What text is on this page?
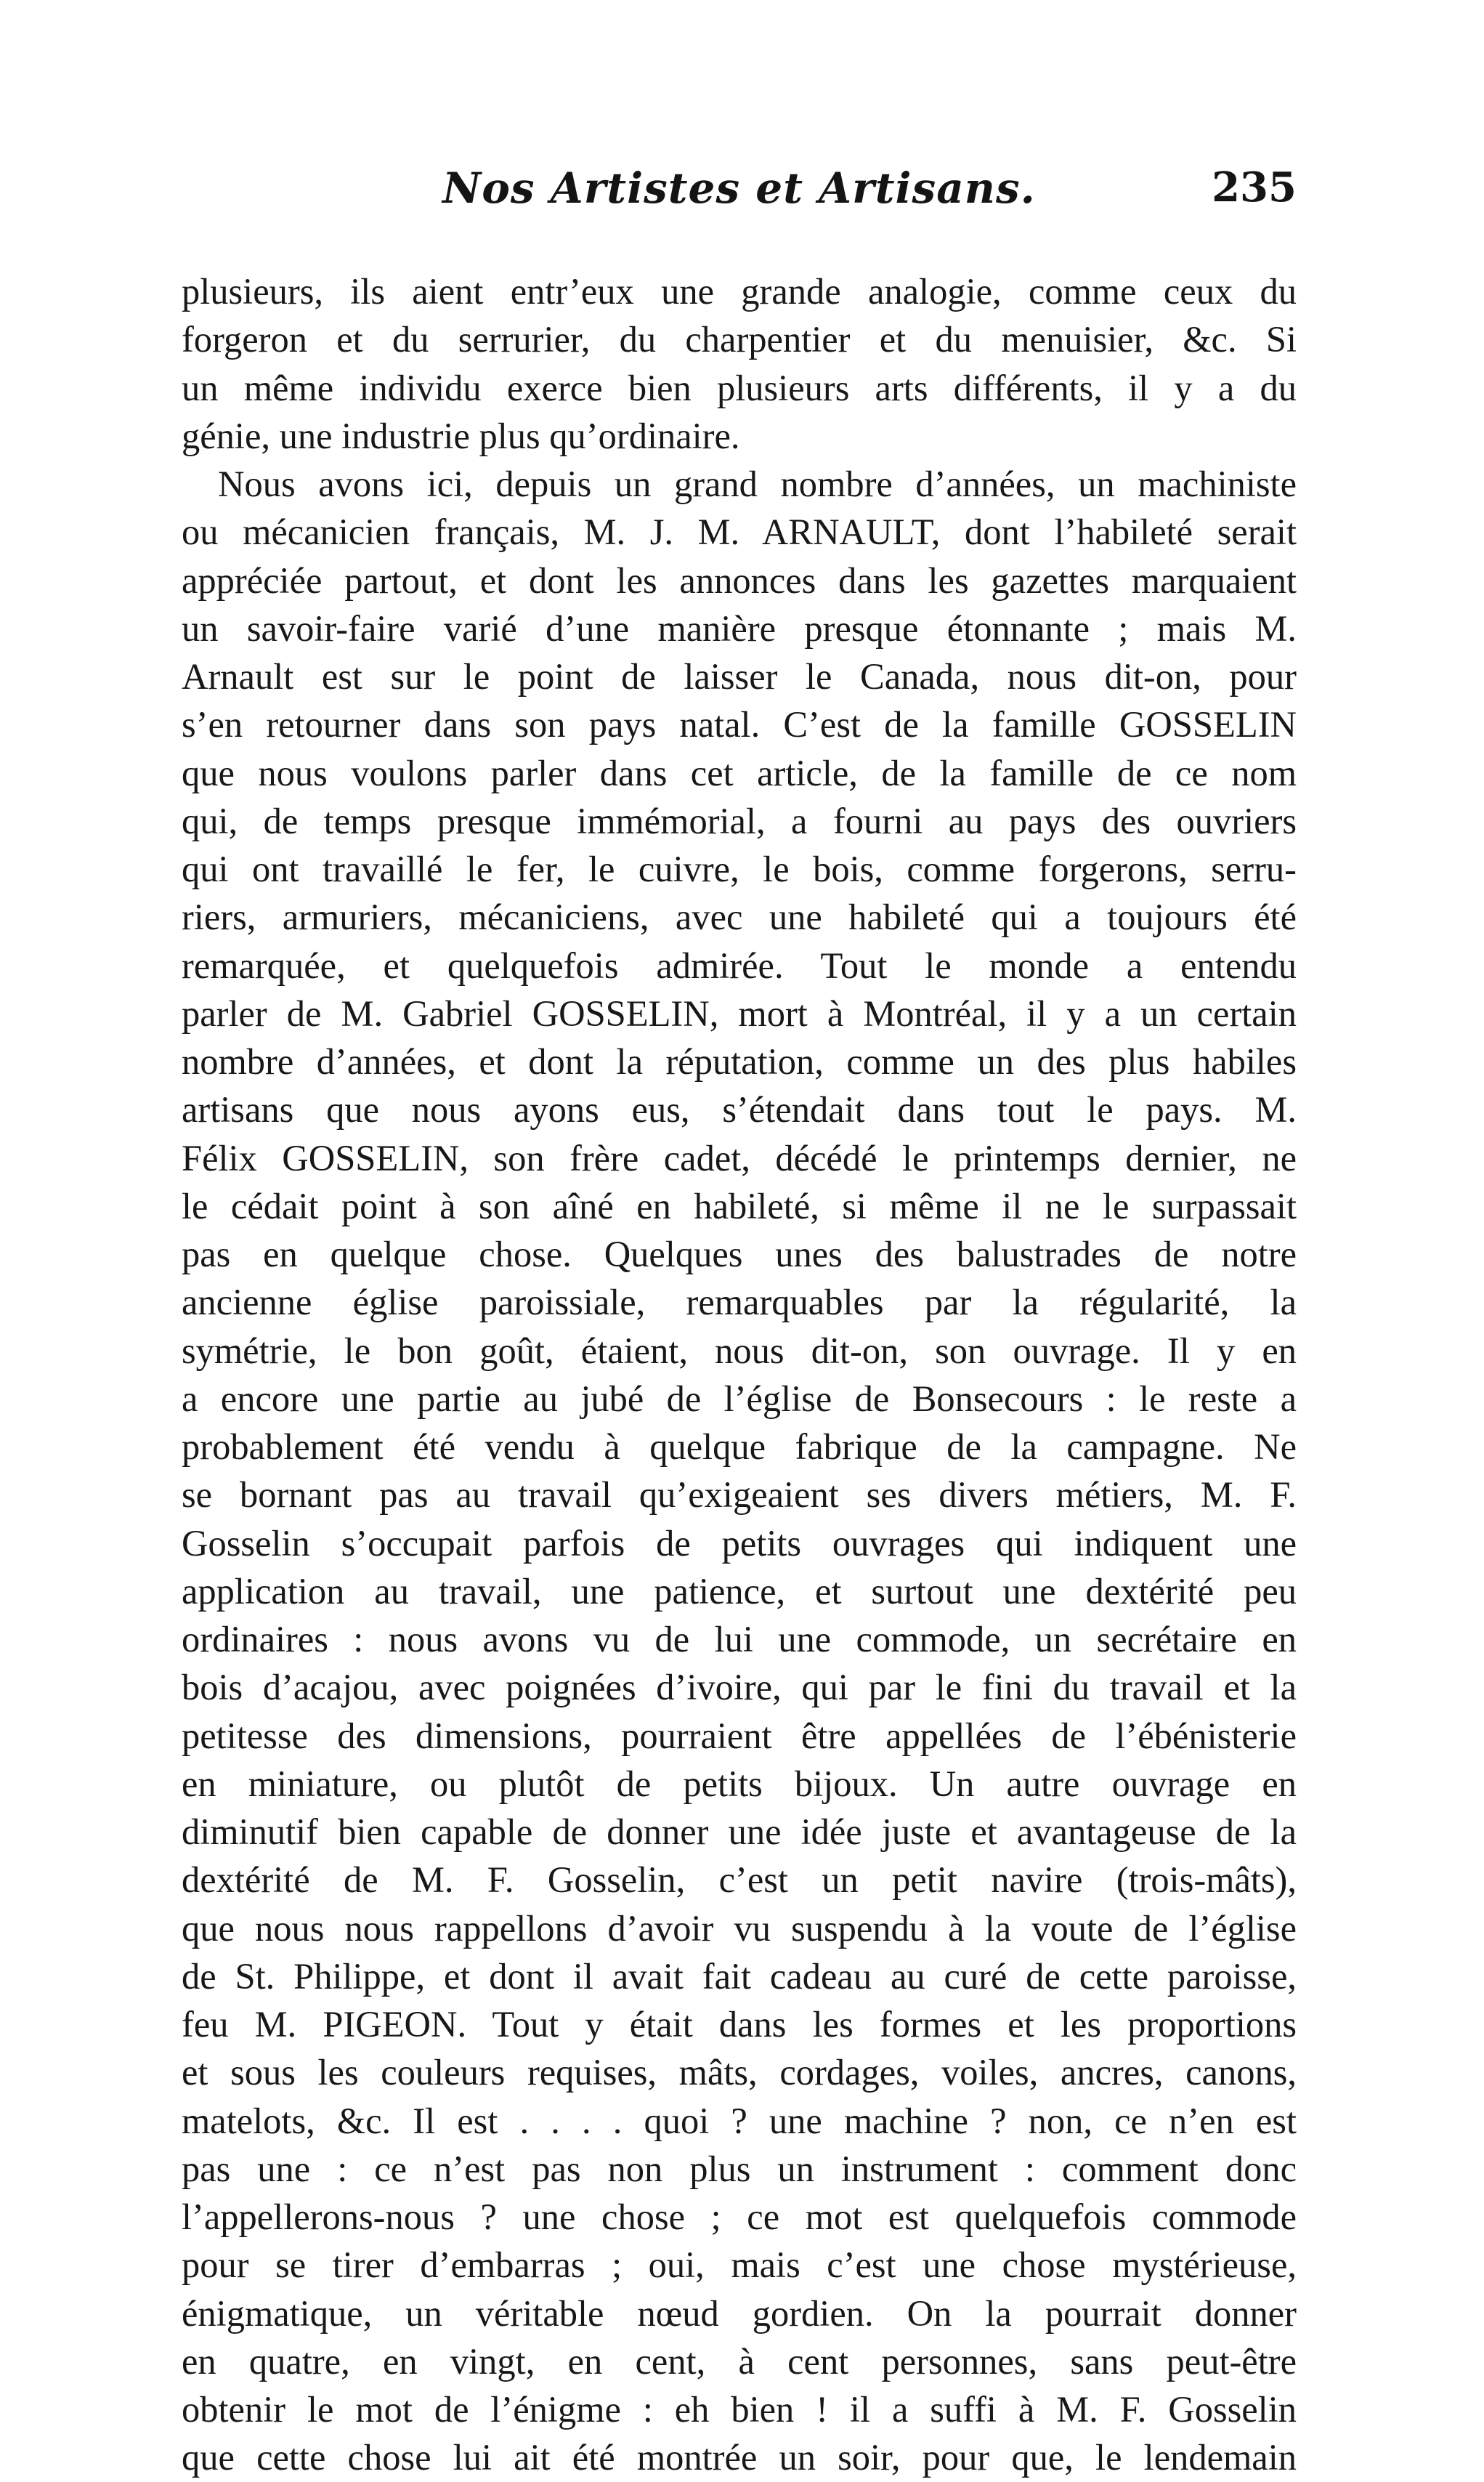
Nos Artistes et Artisans.	235
plusieurs, ils aient entr’eux une grande analogie, comme ceux du
forgeron et du serrurier, du charpentier et du menuisier, &c. Si
un même individu exerce bien plusieurs arts différents, il y a du
génie, une industrie plus qu’ordinaire.
Nous avons ici, depuis un grand nombre d’années, un machiniste
ou mécanicien français, M. J. M. ARNAULT, dont l’habileté serait
appréciée partout, et dont les annonces dans les gazettes marquaient
un savoir-faire varié d’une manière presque étonnante ; mais M.
Arnault est sur le point de laisser le Canada, nous dit-on, pour
s’en retourner dans son pays natal. C’est de la famille GOSSELIN
que nous voulons parler dans cet article, de la famille de ce nom
qui, de temps presque immémorial, a fourni au pays des ouvriers
qui ont travaillé le fer, le cuivre, le bois, comme forgerons, serru-
riers, armuriers, mécaniciens, avec une habileté qui a toujours été
remarquée, et quelquefois admirée. Tout le monde a entendu
parler de M. Gabriel GOSSELIN, mort à Montréal, il y a un certain
nombre d’années, et dont la réputation, comme un des plus habiles
artisans que nous ayons eus, s’étendait dans tout le pays. M.
Félix GOSSELIN, son frère cadet, décédé le printemps dernier, ne
le cédait point à son aîné en habileté, si même il ne le surpassait
pas en quelque chose. Quelques unes des balustrades de notre
ancienne église paroissiale, remarquables par la régularité, la
symétrie, le bon goût, étaient, nous dit-on, son ouvrage. Il y en
a encore une partie au jubé de l’église de Bonsecours : le reste a
probablement été vendu à quelque fabrique de la campagne. Ne
se bornant pas au travail qu’exigeaient ses divers métiers, M. F.
Gosselin s’occupait parfois de petits ouvrages qui indiquent une
application au travail, une patience, et surtout une dextérité peu
ordinaires : nous avons vu de lui une commode, un secrétaire en
bois d’acajou, avec poignées d’ivoire, qui par le fini du travail et la
petitesse des dimensions, pourraient être appellées de l’ébénisterie
en miniature, ou plutôt de petits bijoux. Un autre ouvrage en
diminutif bien capable de donner une idée juste et avantageuse de la
dextérité de M. F. Gosselin, c’est un petit navire (trois-mâts),
que nous nous rappellons d’avoir vu suspendu à la voute de l’église
de St. Philippe, et dont il avait fait cadeau au curé de cette paroisse,
feu M. PIGEON. Tout y était dans les formes et les proportions
et sous les couleurs requises, mâts, cordages, voiles, ancres, canons,
matelots, &c. Il est . . . . quoi ? une machine ? non, ce n’en est
pas une : ce n’est pas non plus un instrument : comment donc
l’appellerons-nous ? une chose ; ce mot est quelquefois commode
pour se tirer d’embarras ; oui, mais c’est une chose mystérieuse,
énigmatique, un véritable nœud gordien. On la pourrait donner
en quatre, en vingt, en cent, à cent personnes, sans peut-être
obtenir le mot de l’énigme : eh bien ! il a suffi à M. F. Gosselin
que cette chose lui ait été montrée un soir, pour que, le lendemain
